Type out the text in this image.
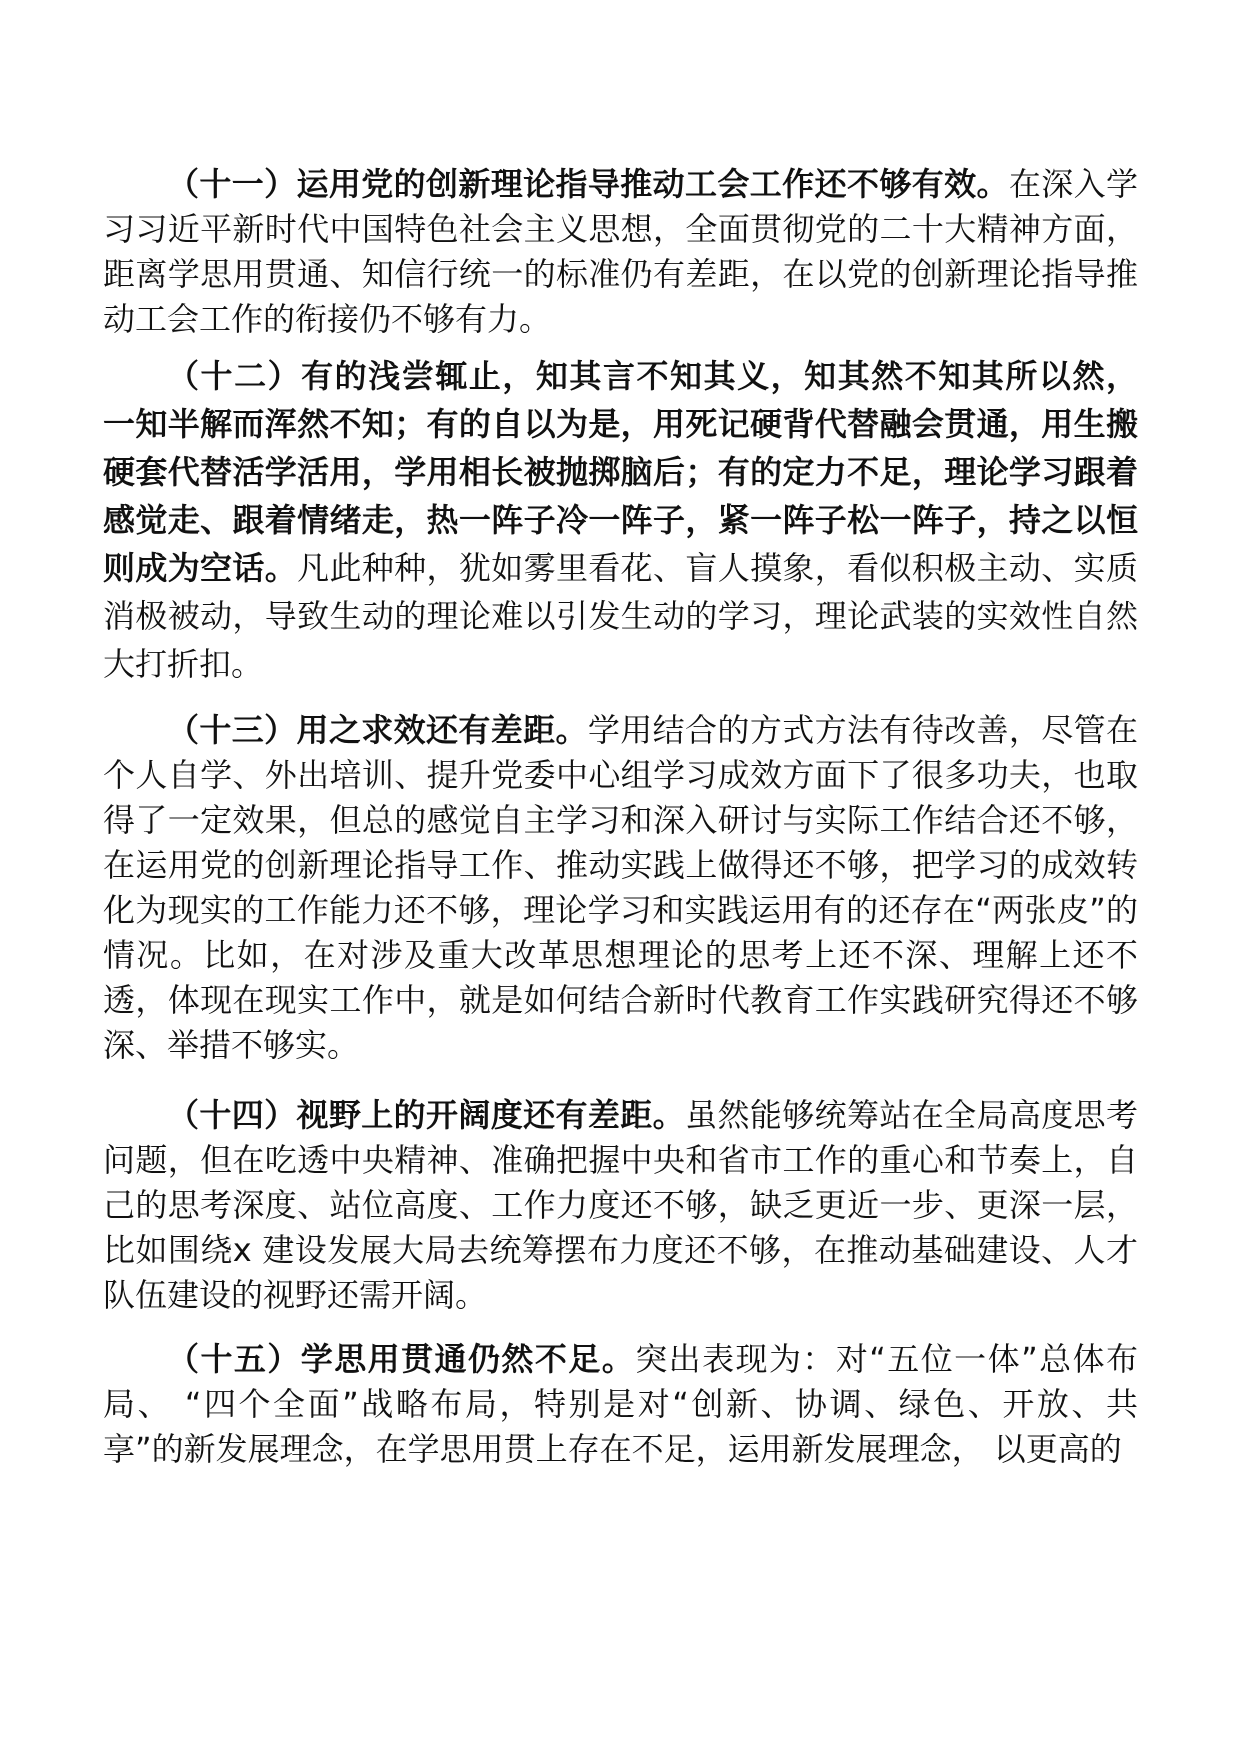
（十一）运用党的创新理论指导推动工会工作还不够有效。在深入学习习近平新时代中国特色社会主义思想，全面贯彻党的二十大精神方面，距离学思用贯通、知信行统一的标准仍有差距，在以党的创新理论指导推动工会工作的衔接仍不够有力。

（十二）有的浅尝辄止，知其言不知其义，知其然不知其所以然， 一知半解而浑然不知；有的自以为是，用死记硬背代替融会贯通，用生搬硬套代替活学活用，学用相长被抛掷脑后；有的定力不足，理论学习跟着感觉走、跟着情绪走，热一阵子冷一阵子，紧一阵子松一阵子，持之以恒则成为空话。凡此种种，犹如雾里看花、盲人摸象，看似积极主动、实质消极被动，导致生动的理论难以引发生动的学习，理论武装的实效性自然大打折扣。

（十三）用之求效还有差距。学用结合的方式方法有待改善，尽管在个人自学、外出培训、提升党委中心组学习成效方面下了很多功夫，也取得了一定效果，但总的感觉自主学习和深入研讨与实际工作结合还不够，在运用党的创新理论指导工作、推动实践上做得还不够，把学习的成效转化为现实的工作能力还不够，理论学习和实践运用有的还存在“两张皮”的情况。比如，在对涉及重大改革思想理论的思考上还不深、理解上还不透，体现在现实工作中，就是如何结合新时代教育工作实践研究得还不够深、举措不够实。

（十四）视野上的开阔度还有差距。虽然能够统筹站在全局高度思考问题，但在吃透中央精神、准确把握中央和省市工作的重心和节奏上，自己的思考深度、站位高度、工作力度还不够，缺乏更近一步、更深一层，比如围绕x 建设发展大局去统筹摆布力度还不够，在推动基础建设、人才队伍建设的视野还需开阔。

（十五）学思用贯通仍然不足。突出表现为：对“五位一体”总体布局、 “四个全面”战略布局，特别是对“创新、协调、绿色、开放、共享”的新发展理念，在学思用贯上存在不足，运用新发展理念， 以更高的
